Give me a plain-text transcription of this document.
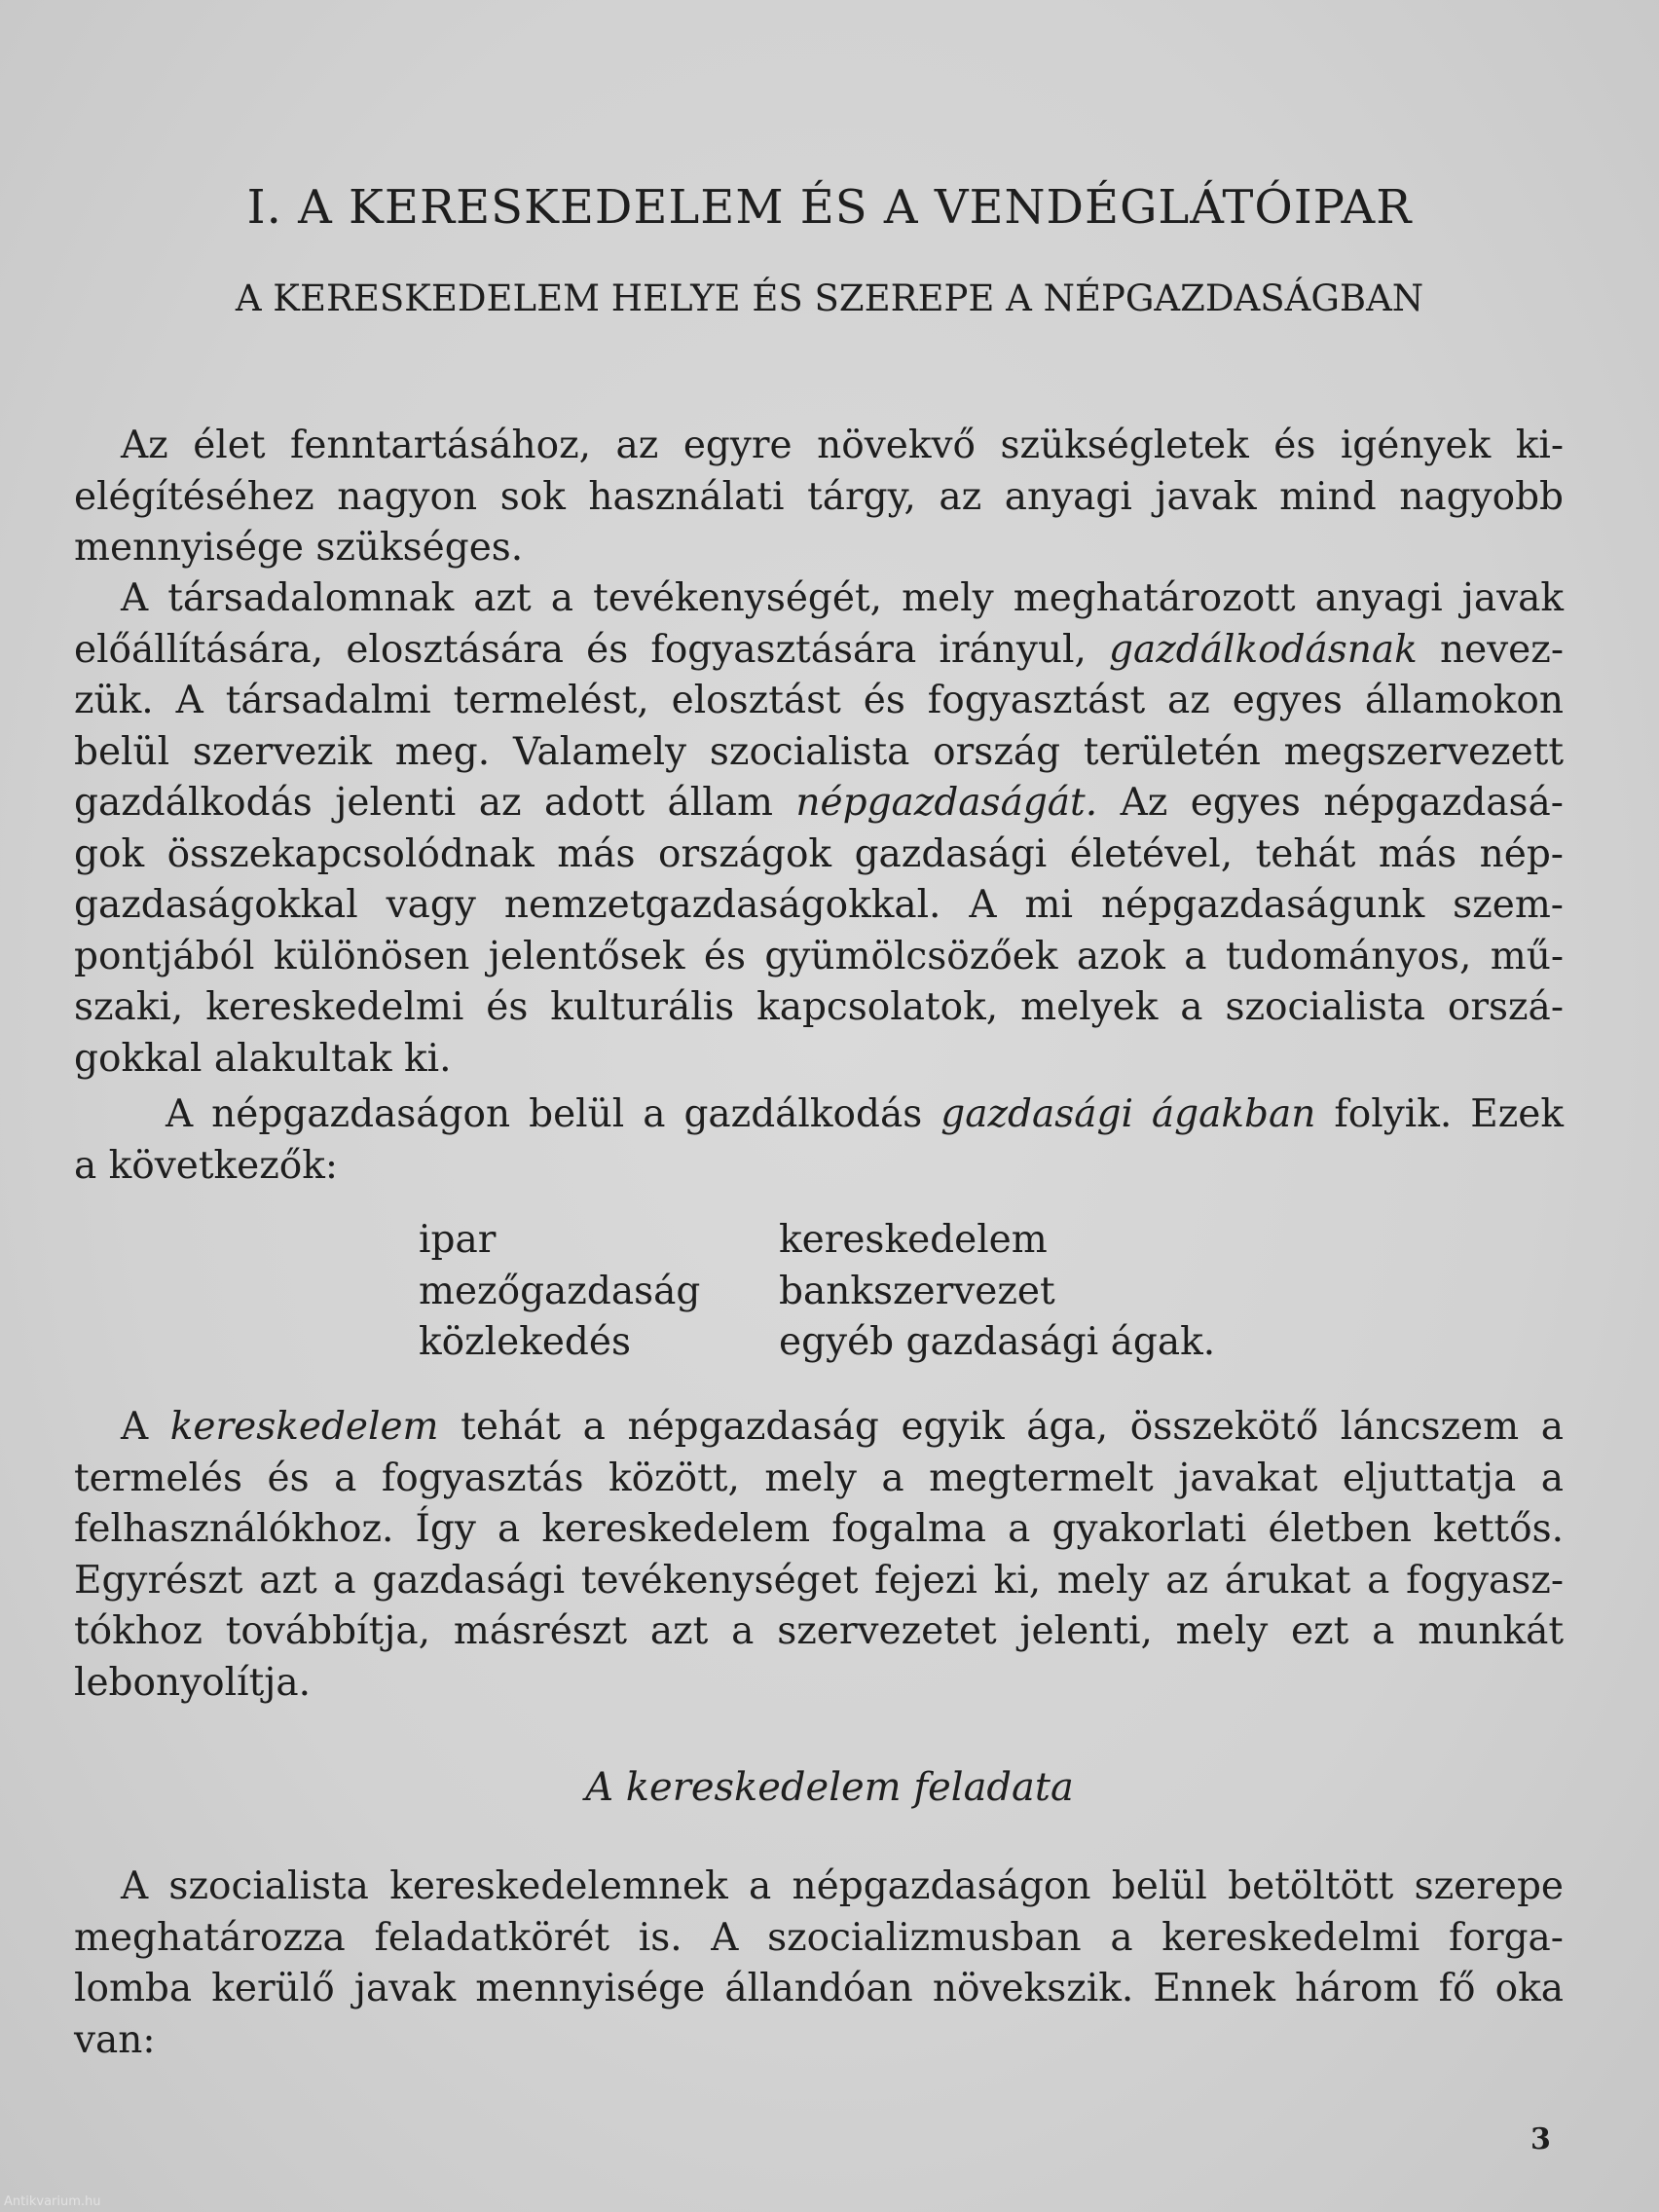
I. A KERESKEDELEM ÉS A VENDÉGLÁTÓIPAR
A KERESKEDELEM HELYE ÉS SZEREPE A NÉPGAZDASÁGBAN

Az élet fenntartásához, az egyre növekvő szükségletek és igények ki-
elégítéséhez nagyon sok használati tárgy, az anyagi javak mind nagyobb
mennyisége szükséges.

A társadalomnak azt a tevékenységét, mely meghatározott anyagi javak
előállítására, elosztására és fogyasztására irányul, gazdálkodásnak nevez-
zük. A társadalmi termelést, elosztást és fogyasztást az egyes államokon
belül szervezik meg. Valamely szocialista ország területén megszervezett
gazdálkodás jelenti az adott állam népgazdaságát. Az egyes népgazdasá-
gok összekapcsolódnak más országok gazdasági életével, tehát más nép-
gazdaságokkal vagy nemzetgazdaságokkal. A mi népgazdaságunk szem-
pontjából különösen jelentősek és gyümölcsözőek azok a tudományos, mű-
szaki, kereskedelmi és kulturális kapcsolatok, melyek a szocialista orszá-
gokkal alakultak ki.

A népgazdaságon belül a gazdálkodás gazdasági ágakban folyik. Ezek
a következők:

ipar	kereskedelem
mezőgazdaság	bankszervezet
közlekedés	egyéb gazdasági ágak.

A kereskedelem tehát a népgazdaság egyik ága, összekötő láncszem a
termelés és a fogyasztás között, mely a megtermelt javakat eljuttatja a
felhasználókhoz. Így a kereskedelem fogalma a gyakorlati életben kettős.
Egyrészt azt a gazdasági tevékenységet fejezi ki, mely az árukat a fogyasz-
tókhoz továbbítja, másrészt azt a szervezetet jelenti, mely ezt a munkát
lebonyolítja.

A kereskedelem feladata

A szocialista kereskedelemnek a népgazdaságon belül betöltött szerepe
meghatározza feladatkörét is. A szocializmusban a kereskedelmi forga-
lomba kerülő javak mennyisége állandóan növekszik. Ennek három fő oka
van:

3
Antikvarium.hu
